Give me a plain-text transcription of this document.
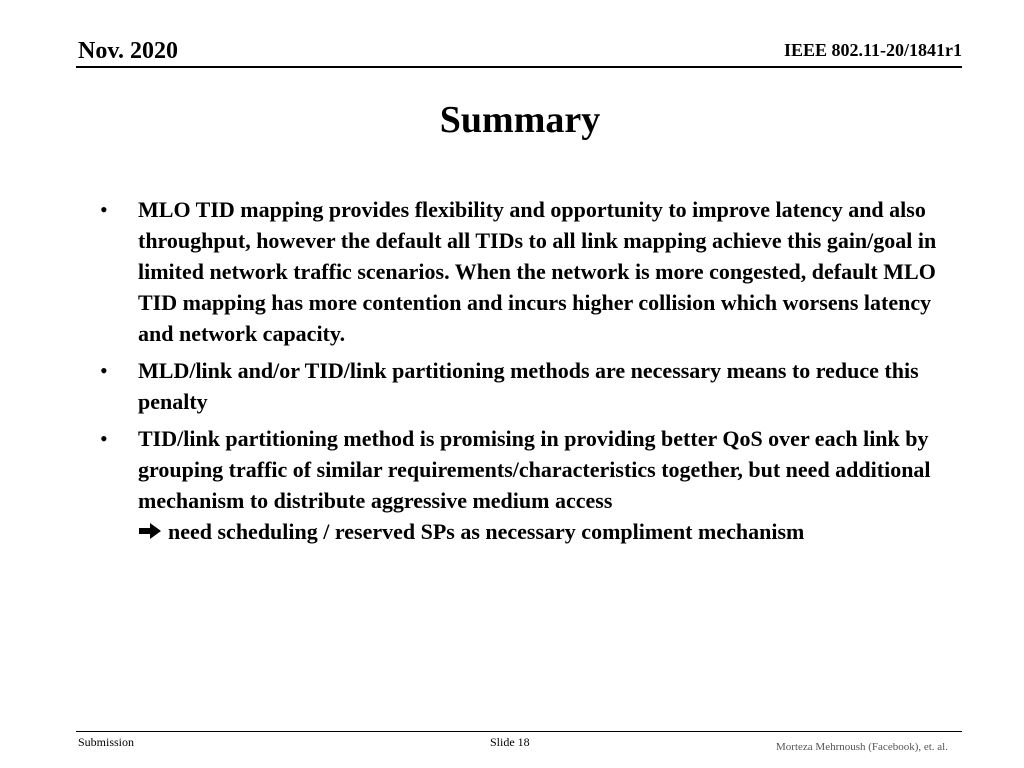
Nov. 2020	IEEE 802.11-20/1841r1
Summary
• MLO TID mapping provides flexibility and opportunity to improve latency and also throughput, however the default all TIDs to all link mapping achieve this gain/goal in limited network traffic scenarios. When the network is more congested, default MLO TID mapping has more contention and incurs higher collision which worsens latency and network capacity.
• MLD/link and/or TID/link partitioning methods are necessary means to reduce this penalty
• TID/link partitioning method is promising in providing better QoS over each link by grouping traffic of similar requirements/characteristics together, but need additional mechanism to distribute aggressive medium access
need scheduling / reserved SPs as necessary compliment mechanism
Submission	Slide 18	Morteza Mehrnoush (Facebook), et. al.
